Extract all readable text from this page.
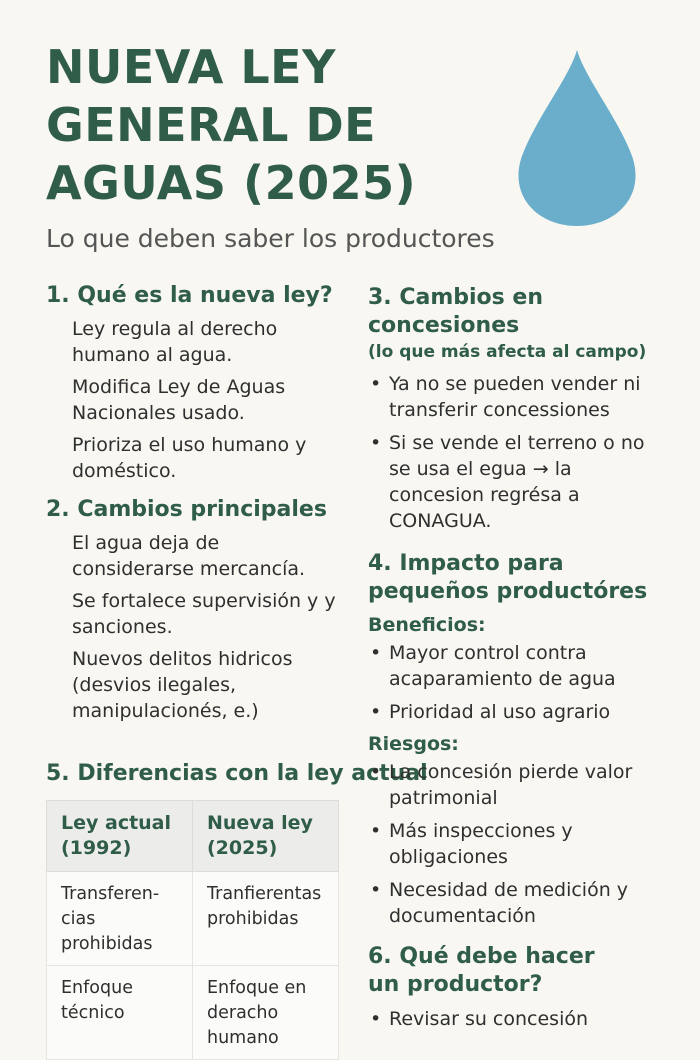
NUEVA LEY
GENERAL DE
AGUAS (2025)
Lo que deben saber los productores
1. Qué es la nueva ley?

Ley regula al derecho humano al agua.

Modifica Ley de Aguas Nacionales usado.

Prioriza el uso humano y doméstico.

2. Cambios principales

El agua deja de considerarse mercancía.

Se fortalece supervisión y y sanciones.

Nuevos delitos hidricos (desvios ilegales, manipulacionés, e.)

5. Diferencias con la ley actual
Ley actual (1992)	Nueva ley (2025)
Transferen- cias prohibidas	Tranfierentas prohibidas
Enfoque técnico	Enfoque en deracho humano
3. Cambios en concesiones

(lo que más afecta al campo)

• Ya no se pueden vender ni transferir concessiones
• Si se vende el terreno o no se usa el egua → la concesion regrésa a CONAGUA.
4. Impacto para pequeños productóres

Beneficios:

• Mayor control contra acaparamiento de agua
• Prioridad al uso agrario

Riesgos:

• La concesión pierde valor patrimonial
• Más inspecciones y obligaciones
• Necesidad de medición y documentación
6. Qué debe hacer un productor?
• Revisar su concesión
